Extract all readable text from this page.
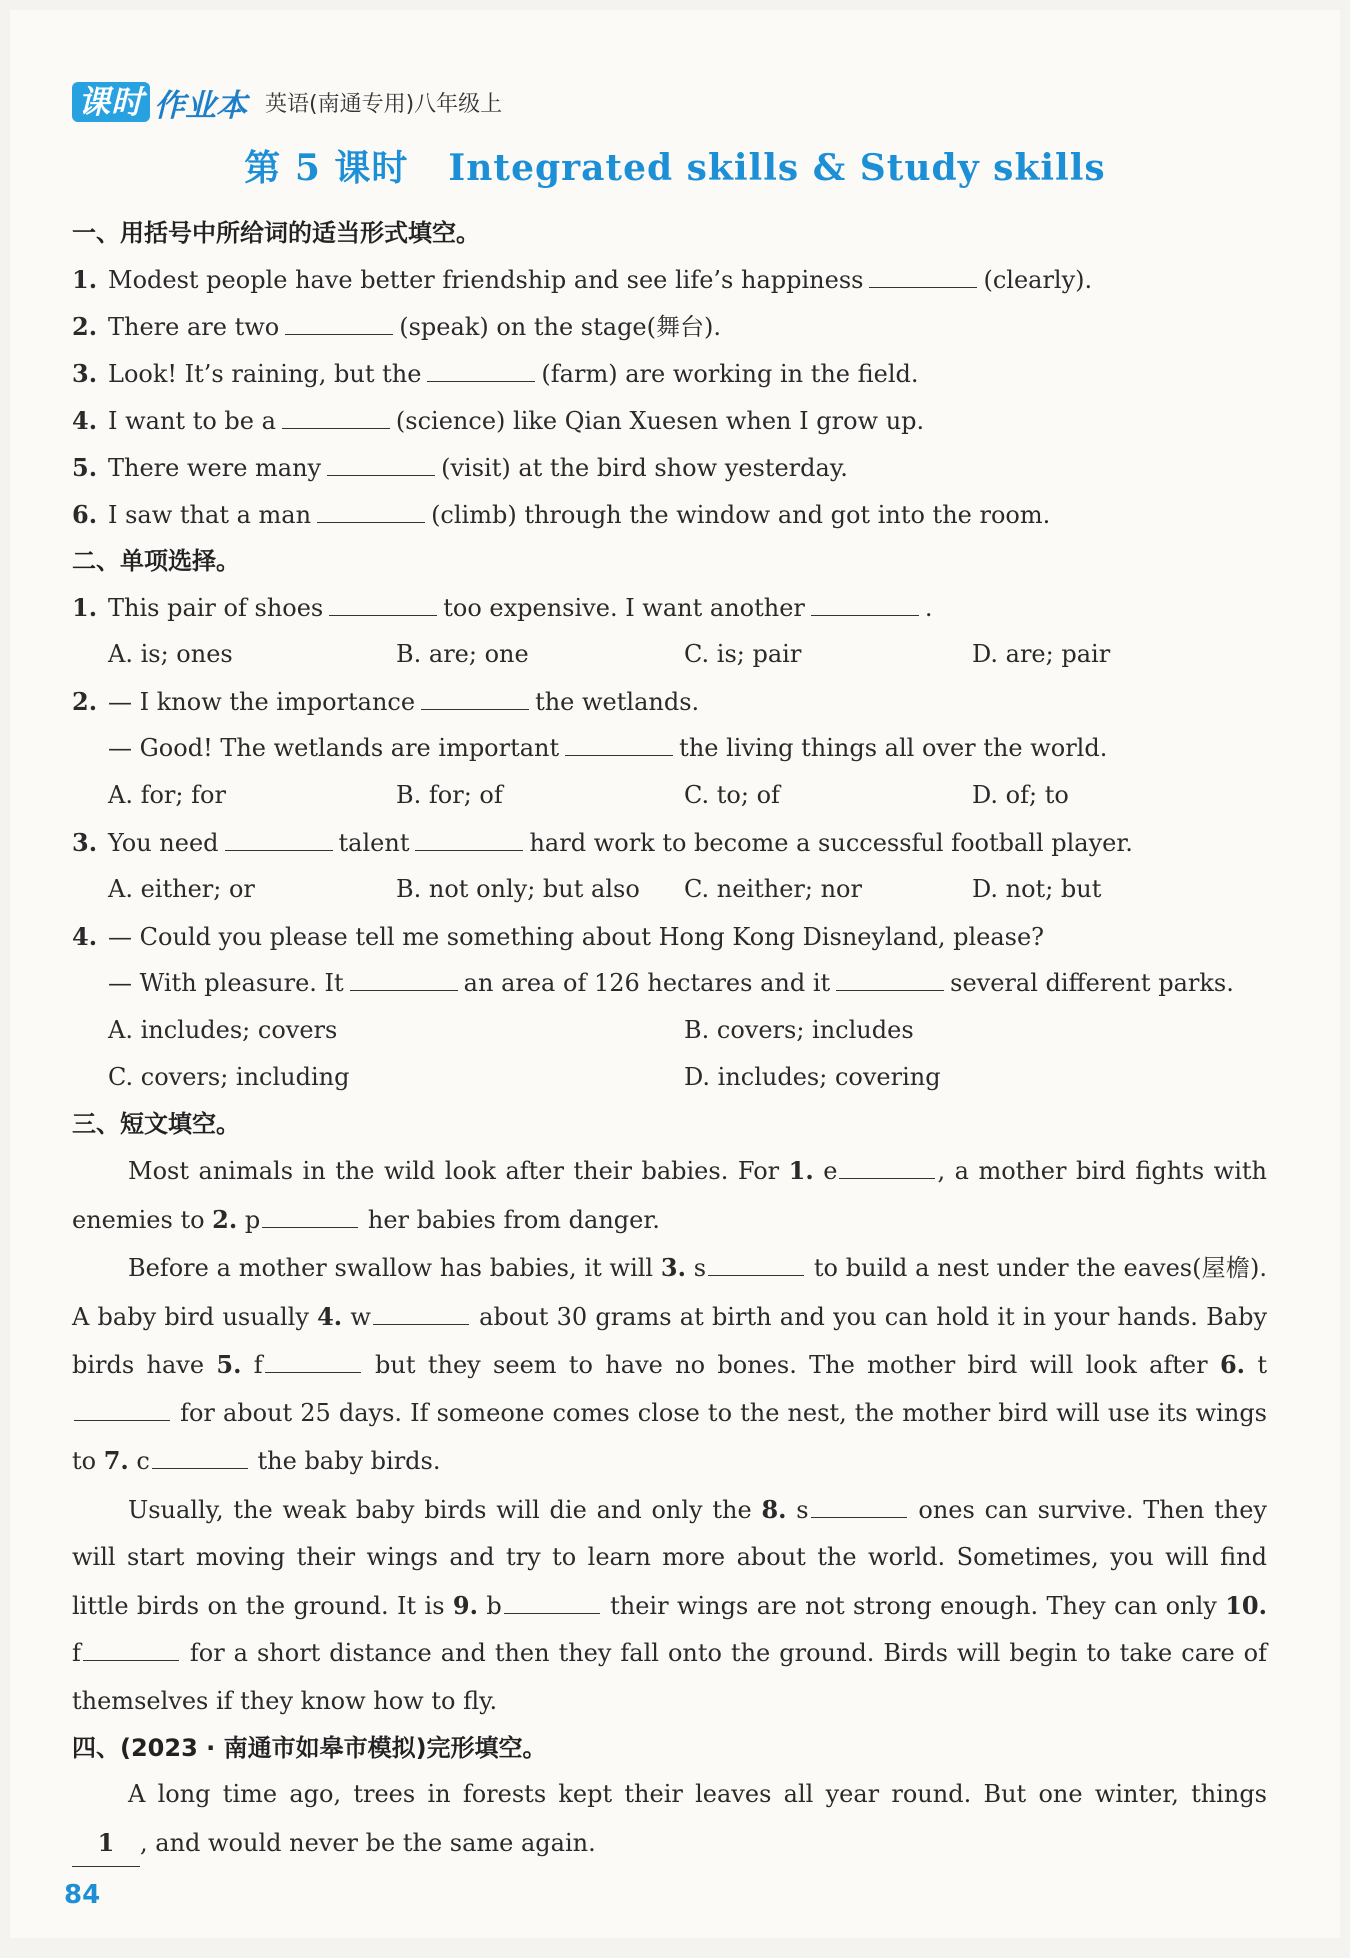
课时 作业本 英语(南通专用)八年级上
第 5 课时 Integrated skills & Study skills
一、用括号中所给词的适当形式填空。
1. Modest people have better friendship and see life’s happiness	(clearly).
2. There are two	(speak) on the stage(舞台).
3. Look! It’s raining, but the	(farm) are working in the field.
4. I want to be a	(science) like Qian Xuesen when I grow up.
5. There were many	(visit) at the bird show yesterday.
6. I saw that a man	(climb) through the window and got into the room.
二、单项选择。
1. This pair of shoes	too expensive. I want another	.
A. is; ones	B. are; one	C. is; pair	D. are; pair
2. — I know the importance	the wetlands.
— Good! The wetlands are important	the living things all over the world.
A. for; for	B. for; of	C. to; of	D. of; to
3. You need	talent	hard work to become a successful football player.
A. either; or	B. not only; but also	C. neither; nor	D. not; but
4. — Could you please tell me something about Hong Kong Disneyland, please?
— With pleasure. It	an area of 126 hectares and it	several different parks.
A. includes; covers	B. covers; includes
C. covers; including	D. includes; covering
三、短文填空。
Most animals in the wild look after their babies. For 1. e	, a mother bird fights with enemies to 2. p	her babies from danger.
Before a mother swallow has babies, it will 3. s	to build a nest under the eaves(屋檐). A baby bird usually 4. w	about 30 grams at birth and you can hold it in your hands. Baby birds have 5. f	but they seem to have no bones. The mother bird will look after 6. t for about 25 days. If someone comes close to the nest, the mother bird will use its wings to 7. c	the baby birds.
Usually, the weak baby birds will die and only the 8. s	ones can survive. Then they will start moving their wings and try to learn more about the world. Sometimes, you will find little birds on the ground. It is 9. b	their wings are not strong enough. They can only 10. f	for a short distance and then they fall onto the ground. Birds will begin to take care of themselves if they know how to fly.
四、(2023 · 南通市如皋市模拟)完形填空。
A long time ago, trees in forests kept their leaves all year round. But one winter, things 1 , and would never be the same again.
84
